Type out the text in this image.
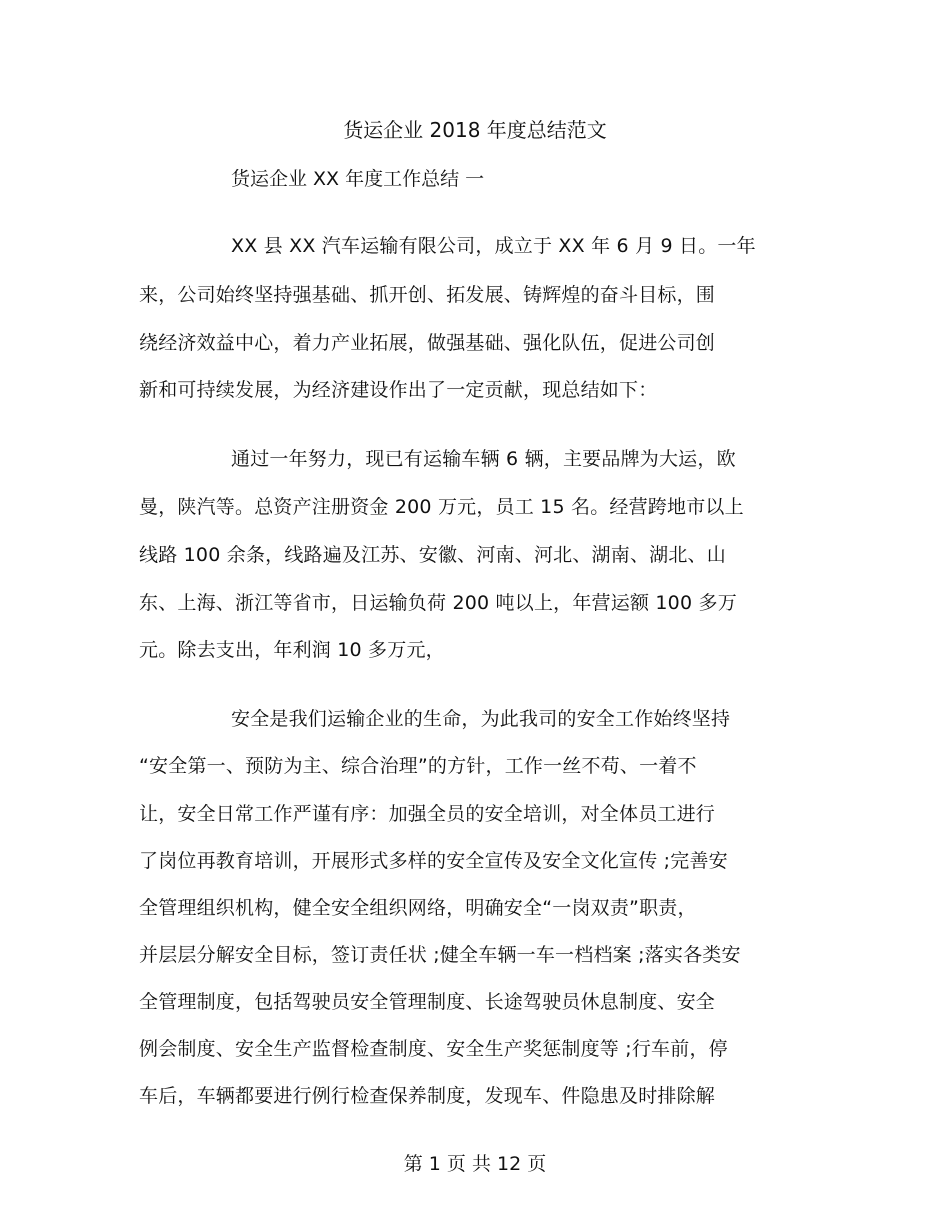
货运企业 2018 年度总结范文
货运企业 XX 年度工作总结 一
XX 县 XX 汽车运输有限公司，成立于 XX 年 6 月 9 日。一年
来，公司始终坚持强基础、抓开创、拓发展、铸辉煌的奋斗目标，围
绕经济效益中心，着力产业拓展，做强基础、强化队伍，促进公司创
新和可持续发展，为经济建设作出了一定贡献，现总结如下：
通过一年努力，现已有运输车辆 6 辆，主要品牌为大运，欧
曼，陕汽等。总资产注册资金 200 万元，员工 15 名。经营跨地市以上
线路 100 余条，线路遍及江苏、安徽、河南、河北、湖南、湖北、山
东、上海、浙江等省市，日运输负荷 200 吨以上，年营运额 100 多万
元。除去支出，年利润 10 多万元，
安全是我们运输企业的生命，为此我司的安全工作始终坚持
“安全第一、预防为主、综合治理”的方针，工作一丝不苟、一着不
让，安全日常工作严谨有序：加强全员的安全培训，对全体员工进行
了岗位再教育培训，开展形式多样的安全宣传及安全文化宣传 ;完善安
全管理组织机构，健全安全组织网络，明确安全“一岗双责”职责，
并层层分解安全目标，签订责任状 ;健全车辆一车一档档案 ;落实各类安
全管理制度，包括驾驶员安全管理制度、长途驾驶员休息制度、安全
例会制度、安全生产监督检查制度、安全生产奖惩制度等 ;行车前，停
车后，车辆都要进行例行检查保养制度，发现车、件隐患及时排除解
第 1 页 共 12 页
